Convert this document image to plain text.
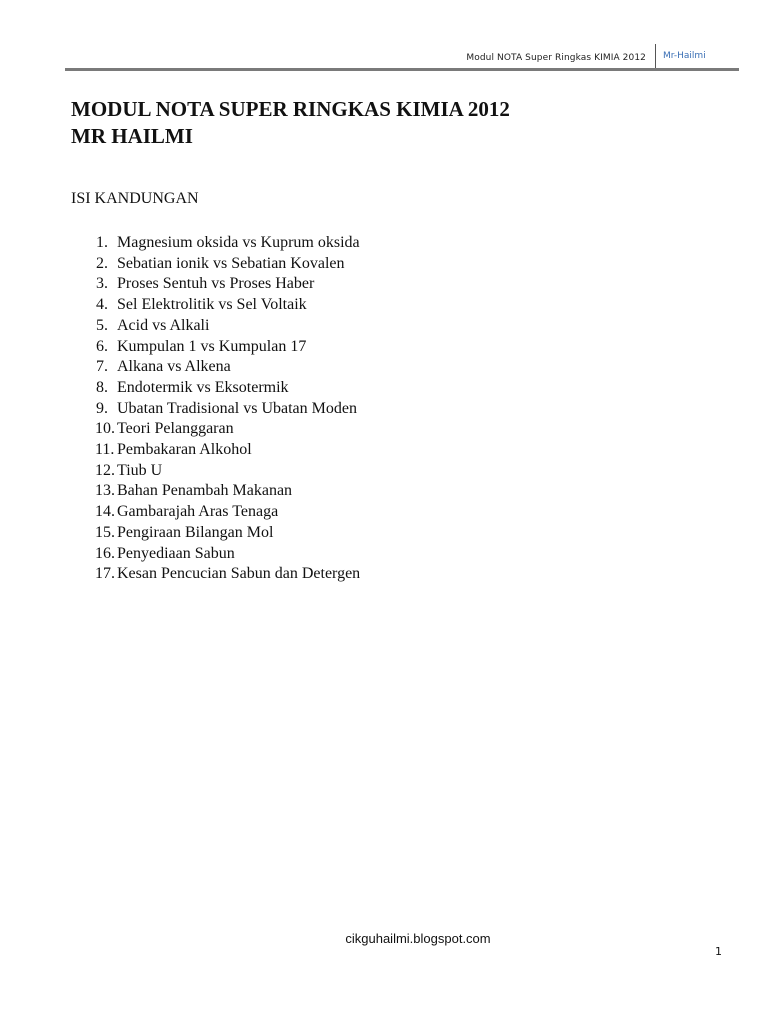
Modul NOTA Super Ringkas KIMIA 2012 Mr-Hailmi
MODUL NOTA SUPER RINGKAS KIMIA 2012
MR HAILMI
ISI KANDUNGAN
1. Magnesium oksida vs Kuprum oksida
2. Sebatian ionik vs Sebatian Kovalen
3. Proses Sentuh vs Proses Haber
4. Sel Elektrolitik vs Sel Voltaik
5. Acid vs Alkali
6. Kumpulan 1 vs Kumpulan 17
7. Alkana vs Alkena
8. Endotermik vs Eksotermik
9. Ubatan Tradisional vs Ubatan Moden
10. Teori Pelanggaran
11. Pembakaran Alkohol
12. Tiub U
13. Bahan Penambah Makanan
14. Gambarajah Aras Tenaga
15. Pengiraan Bilangan Mol
16. Penyediaan Sabun
17. Kesan Pencucian Sabun dan Detergen
cikguhailmi.blogspot.com
1
